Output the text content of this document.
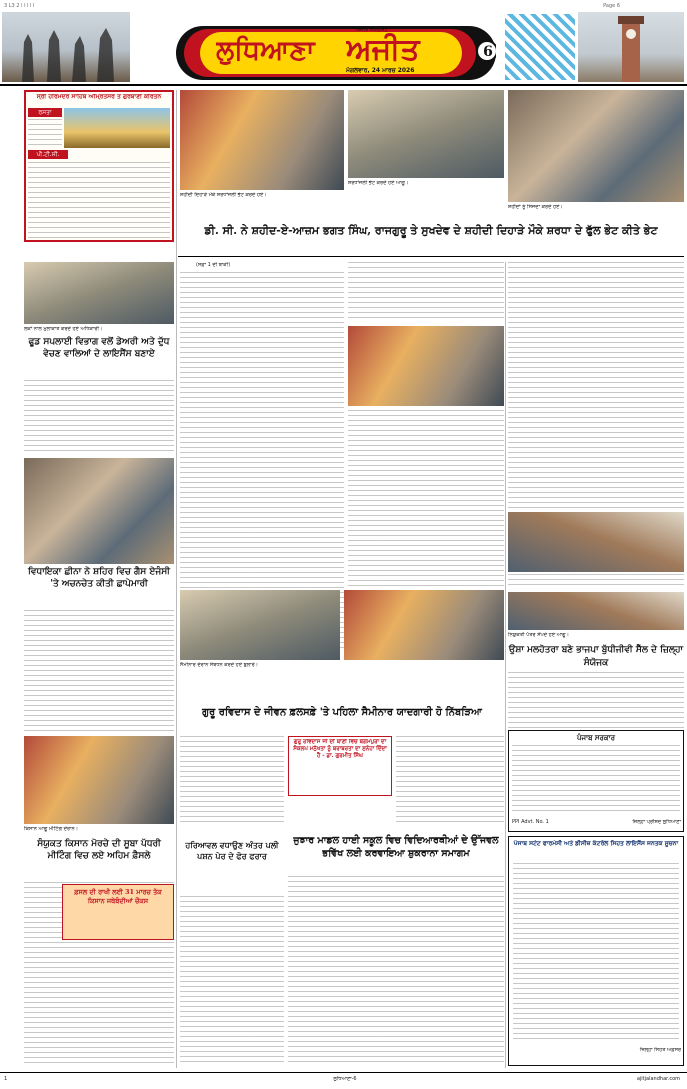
3 L3 2 l l l l l	Page 6
ਲੁਧਿਆਣਾ	ਅਜੀਤ
ਅਜੀਤ ਸਪਲੀਮੈਂਟ
ਮੰਗਲਵਾਰ, 24 ਮਾਰਚ 2026
6
ਸ੍ਰੀ ਹਰਿਮੰਦਰ ਸਾਹਿਬ ਅੰਮ੍ਰਿਤਸਰ ਤੋਂ ਗੁਰਬਾਣੀ ਕੀਰਤਨ
ਰਸਤਾ
ਪੀ.ਟੀ.ਸੀ.
ਸ਼ਹੀਦੀ ਦਿਹਾੜੇ ਮੌਕੇ ਸ਼ਰਧਾਂਜਲੀ ਭੇਟ ਕਰਦੇ ਹੋਏ।
ਸ਼ਰਧਾਂਜਲੀ ਭੇਟ ਕਰਦੇ ਹੋਏ ਆਗੂ।
ਸ਼ਹੀਦਾਂ ਨੂੰ ਸਿਜਦਾ ਕਰਦੇ ਹੋਏ।
ਡੀ. ਸੀ. ਨੇ ਸ਼ਹੀਦ-ਏ-ਆਜ਼ਮ ਭਗਤ ਸਿੰਘ, ਰਾਜਗੁਰੂ ਤੇ ਸੁਖਦੇਵ ਦੇ ਸ਼ਹੀਦੀ ਦਿਹਾੜੇ ਮੌਕੇ ਸ਼ਰਧਾ ਦੇ ਫੁੱਲ ਭੇਟ ਕੀਤੇ ਭੇਟ
ਲੋਕਾਂ ਨਾਲ ਮੁਲਾਕਾਤ ਕਰਦੇ ਹੋਏ ਅਧਿਕਾਰੀ।
ਫੂਡ ਸਪਲਾਈ ਵਿਭਾਗ ਵਲੋਂ ਡੇਅਰੀ ਅਤੇ ਦੁੱਧ ਵੇਚਣ ਵਾਲਿਆਂ ਦੇ ਲਾਇਸੈਂਸ ਬਣਾਏ
(ਸਫ਼ਾ 1 ਦੀ ਬਾਕੀ)
ਵਿਧਾਇਕਾ ਛੀਨਾ ਨੇ ਸ਼ਹਿਰ ਵਿਚ ਗੈਸ ਏਜੰਸੀ 'ਤੇ ਅਚਨਚੇਤ ਕੀਤੀ ਛਾਪੇਮਾਰੀ
ਸੈਮੀਨਾਰ ਦੌਰਾਨ ਸੰਬੋਧਨ ਕਰਦੇ ਹੋਏ ਬੁਲਾਰੇ।
ਗੁਰੂ ਰਵਿਦਾਸ ਦੇ ਜੀਵਨ ਫ਼ਲਸਫ਼ੇ 'ਤੇ ਪਹਿਲਾ ਸੈਮੀਨਾਰ ਯਾਦਗਾਰੀ ਹੋ ਨਿੱਬੜਿਆ
ਗੁਰੂ ਰਵਿਦਾਸ ਜੀ ਦੀ ਬਾਣੀ ਵਿਚ ਬੇਗਮਪੁਰਾ ਦਾ ਸੰਕਲਪ ਮਨੁੱਖਤਾ ਨੂੰ ਬਰਾਬਰਤਾ ਦਾ ਸੁਨੇਹਾ ਦਿੰਦਾ ਹੈ - ਡਾ. ਗੁਰਮੀਤ ਸਿੰਘ
ਨਿਯੁਕਤੀ ਪੱਤਰ ਸੌਂਪਦੇ ਹੋਏ ਆਗੂ।
ਉਸ਼ਾ ਮਲਹੋਤਰਾ ਬਣੇ ਭਾਜਪਾ ਬੁੱਧੀਜੀਵੀ ਸੈੱਲ ਦੇ ਜ਼ਿਲ੍ਹਾ ਸੰਯੋਜਕ
ਪੰਜਾਬ ਸਰਕਾਰ
PPI Advt. No. 1	ਜ਼ਿਲ੍ਹਾ ਪ੍ਰੀਸ਼ਦ ਲੁਧਿਆਣਾ
ਕਿਸਾਨ ਆਗੂ ਮੀਟਿੰਗ ਦੌਰਾਨ।
ਸੰਯੁਕਤ ਕਿਸਾਨ ਮੋਰਚੇ ਦੀ ਸੂਬਾ ਪੱਧਰੀ ਮੀਟਿੰਗ ਵਿਚ ਲਏ ਅਹਿਮ ਫ਼ੈਸਲੇ
ਹਰਿਆਵਲ ਵਧਾਉਣ ਅੰਤਰ ਪਲੀ ਪਸ਼ਨ ਪੇਰ ਦੇ ਫੋਰ ਫਰਾਰ
ਫ਼ਸਲ ਦੀ ਰਾਖੀ ਲਈ 31 ਮਾਰਚ ਤੱਕ ਕਿਸਾਨ ਜਥੇਬੰਦੀਆਂ ਚੌਕਸ
ਜੁਝਾਰ ਮਾਡਲ ਹਾਈ ਸਕੂਲ ਵਿਚ ਵਿਦਿਆਰਥੀਆਂ ਦੇ ਉੱਜਵਲ ਭਵਿੱਖ ਲਈ ਕਰਵਾਇਆ ਸ਼ੁਕਰਾਨਾ ਸਮਾਗਮ
ਪੰਜਾਬ ਸਟੇਟ ਫਾਰਮੇਸੀ ਅਤੇ ਡੀਸੀਜ਼ ਕੰਟਰੋਲ ਸਿਹਤ ਲਾਇਸੈਂਸ ਜਨਤਕ ਸੂਚਨਾ
ਜ਼ਿਲ੍ਹਾ ਸਿਹਤ ਅਫ਼ਸਰ
1	ਲੁਧਿਆਣਾ-6	ajitjalandhar.com
